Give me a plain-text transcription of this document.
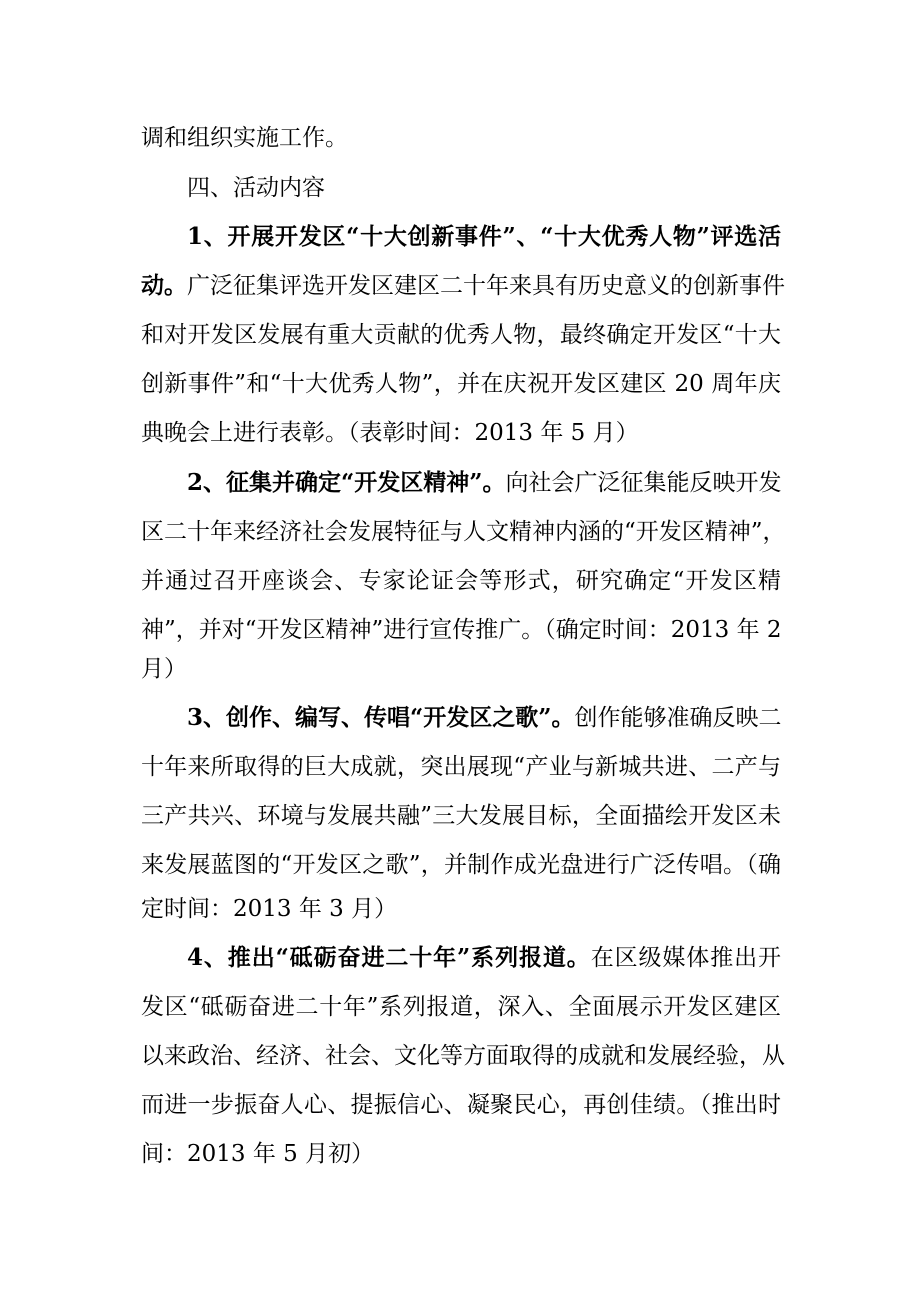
调和组织实施工作。
四、活动内容
1、开展开发区“十大创新事件”、“十大优秀人物”评选活
动。广泛征集评选开发区建区二十年来具有历史意义的创新事件
和对开发区发展有重大贡献的优秀人物，最终确定开发区“十大
创新事件”和“十大优秀人物”，并在庆祝开发区建区 20 周年庆
典晚会上进行表彰。（表彰时间：2013 年 5 月）
2、征集并确定“开发区精神”。向社会广泛征集能反映开发
区二十年来经济社会发展特征与人文精神内涵的“开发区精神”，
并通过召开座谈会、专家论证会等形式，研究确定“开发区精
神”，并对“开发区精神”进行宣传推广。（确定时间：2013 年 2
月）
3、创作、编写、传唱“开发区之歌”。创作能够准确反映二
十年来所取得的巨大成就，突出展现“产业与新城共进、二产与
三产共兴、环境与发展共融”三大发展目标，全面描绘开发区未
来发展蓝图的“开发区之歌”，并制作成光盘进行广泛传唱。（确
定时间：2013 年 3 月）
4、推出“砥砺奋进二十年”系列报道。在区级媒体推出开
发区“砥砺奋进二十年”系列报道，深入、全面展示开发区建区
以来政治、经济、社会、文化等方面取得的成就和发展经验，从
而进一步振奋人心、提振信心、凝聚民心，再创佳绩。（推出时
间：2013 年 5 月初）
